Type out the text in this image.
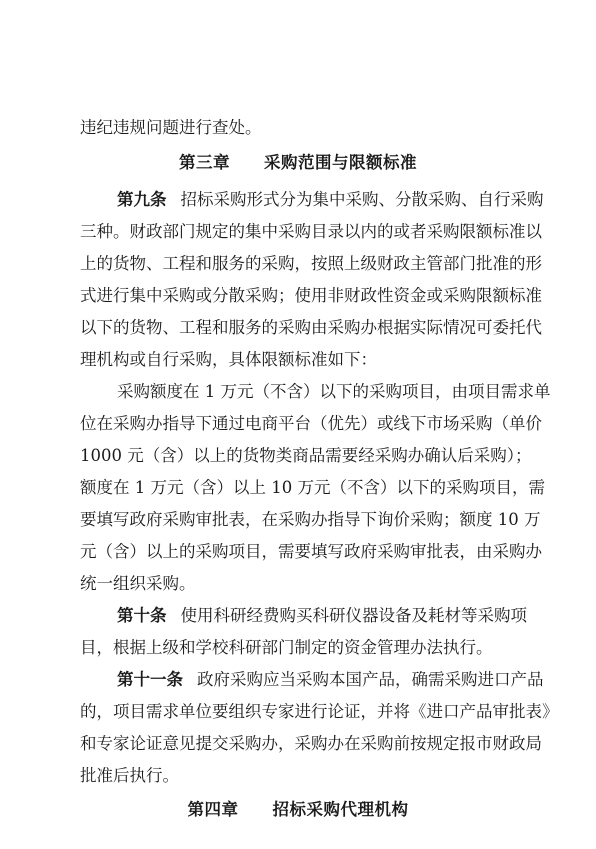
违纪违规问题进行查处。
第三章　　采购范围与限额标准
第九条 招标采购形式分为集中采购、分散采购、自行采购
三种。财政部门规定的集中采购目录以内的或者采购限额标准以
上的货物、工程和服务的采购，按照上级财政主管部门批准的形
式进行集中采购或分散采购；使用非财政性资金或采购限额标准
以下的货物、工程和服务的采购由采购办根据实际情况可委托代
理机构或自行采购，具体限额标准如下：
采购额度在 1 万元（不含）以下的采购项目，由项目需求单
位在采购办指导下通过电商平台（优先）或线下市场采购（单价
1000 元（含）以上的货物类商品需要经采购办确认后采购）；
额度在 1 万元（含）以上 10 万元（不含）以下的采购项目，需
要填写政府采购审批表，在采购办指导下询价采购；额度 10 万
元（含）以上的采购项目，需要填写政府采购审批表，由采购办
统一组织采购。
第十条 使用科研经费购买科研仪器设备及耗材等采购项
目，根据上级和学校科研部门制定的资金管理办法执行。
第十一条 政府采购应当采购本国产品，确需采购进口产品
的，项目需求单位要组织专家进行论证，并将《进口产品审批表》
和专家论证意见提交采购办，采购办在采购前按规定报市财政局
批准后执行。
第四章　　招标采购代理机构
